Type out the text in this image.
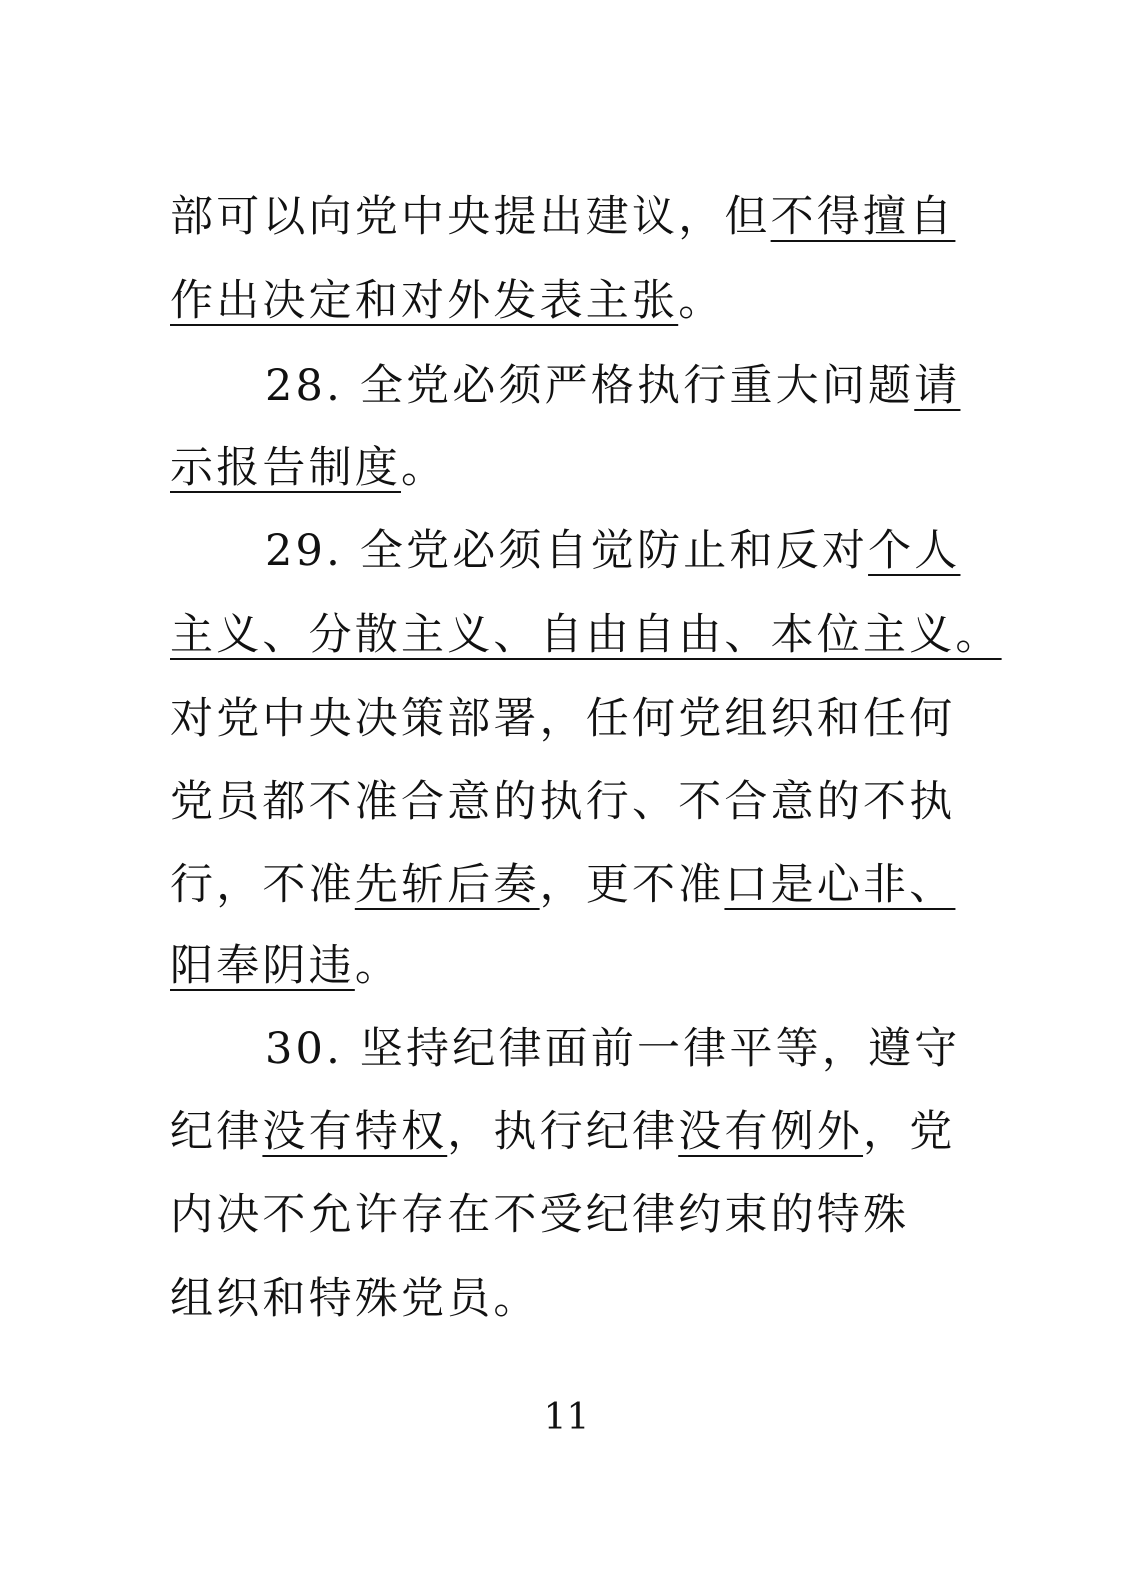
部可以向党中央提出建议，但不得擅自
作出决定和对外发表主张。
28. 全党必须严格执行重大问题请
示报告制度。
29. 全党必须自觉防止和反对个人
主义、分散主义、自由自由、本位主义。
对党中央决策部署，任何党组织和任何
党员都不准合意的执行、不合意的不执
行，不准先斩后奏，更不准口是心非、
阳奉阴违。
30. 坚持纪律面前一律平等，遵守
纪律没有特权，执行纪律没有例外，党
内决不允许存在不受纪律约束的特殊
组织和特殊党员。
11
